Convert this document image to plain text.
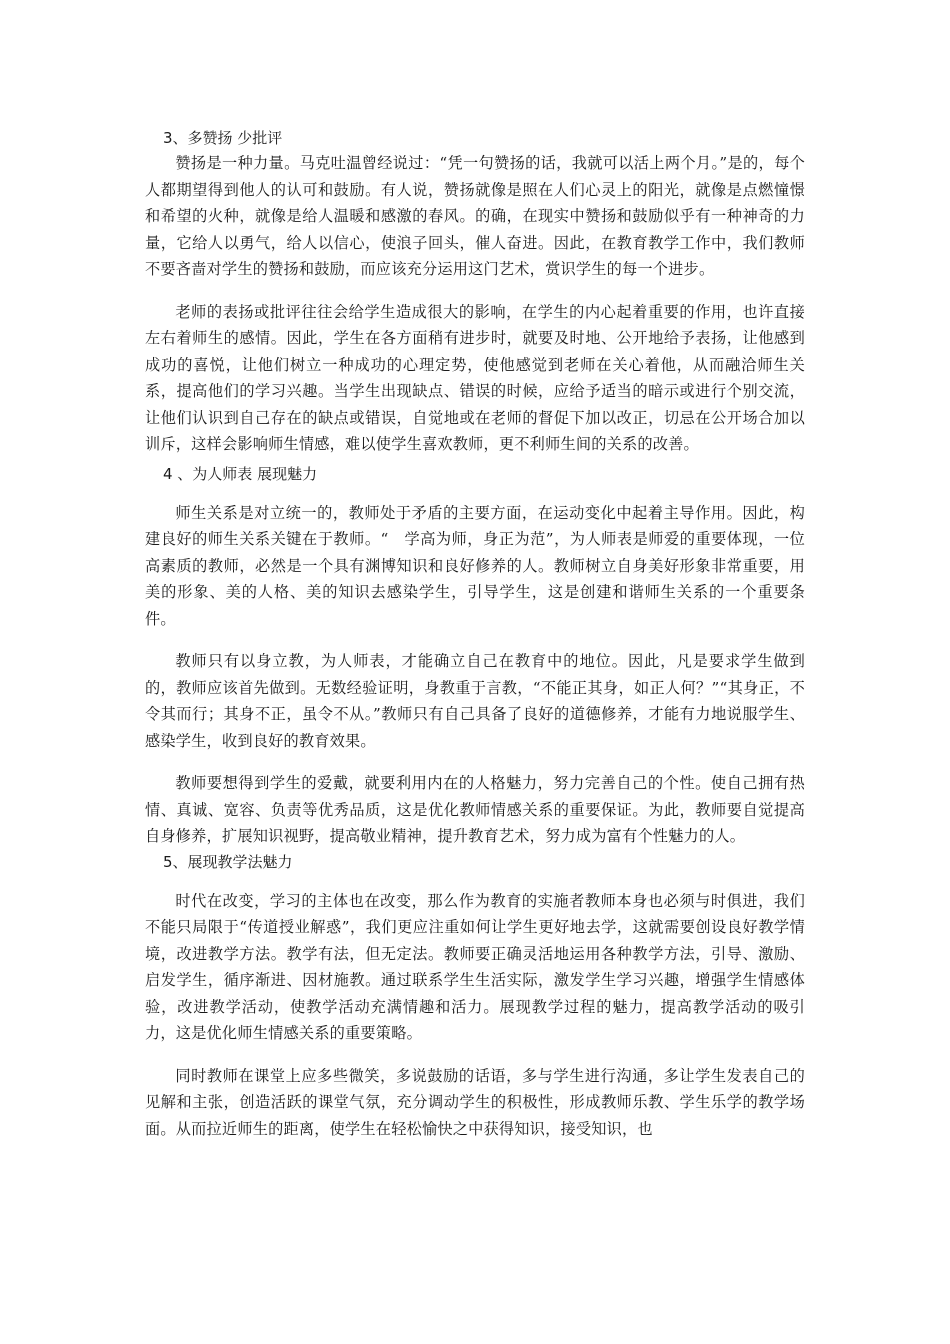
3、多赞扬 少批评

赞扬是一种力量。马克吐温曾经说过：“凭一句赞扬的话，我就可以活上两个月。”是的，每个人都期望得到他人的认可和鼓励。有人说，赞扬就像是照在人们心灵上的阳光，就像是点燃憧憬和希望的火种，就像是给人温暖和感激的春风。的确，在现实中赞扬和鼓励似乎有一种神奇的力量，它给人以勇气，给人以信心，使浪子回头，催人奋进。因此，在教育教学工作中，我们教师不要吝啬对学生的赞扬和鼓励，而应该充分运用这门艺术，赏识学生的每一个进步。

老师的表扬或批评往往会给学生造成很大的影响，在学生的内心起着重要的作用，也许直接左右着师生的感情。因此，学生在各方面稍有进步时，就要及时地、公开地给予表扬，让他感到成功的喜悦，让他们树立一种成功的心理定势，使他感觉到老师在关心着他，从而融洽师生关系，提高他们的学习兴趣。当学生出现缺点、错误的时候，应给予适当的暗示或进行个别交流，让他们认识到自己存在的缺点或错误，自觉地或在老师的督促下加以改正，切忌在公开场合加以训斥，这样会影响师生情感，难以使学生喜欢教师，更不利师生间的关系的改善。

4 、为人师表 展现魅力

师生关系是对立统一的，教师处于矛盾的主要方面，在运动变化中起着主导作用。因此，构建良好的师生关系关键在于教师。“　学高为师，身正为范”，为人师表是师爱的重要体现，一位高素质的教师，必然是一个具有渊博知识和良好修养的人。教师树立自身美好形象非常重要，用美的形象、美的人格、美的知识去感染学生，引导学生，这是创建和谐师生关系的一个重要条件。

教师只有以身立教，为人师表，才能确立自己在教育中的地位。因此，凡是要求学生做到的，教师应该首先做到。无数经验证明，身教重于言教，“不能正其身，如正人何？”“其身正，不令其而行；其身不正，虽令不从。”教师只有自己具备了良好的道德修养，才能有力地说服学生、感染学生，收到良好的教育效果。

教师要想得到学生的爱戴，就要利用内在的人格魅力，努力完善自己的个性。使自己拥有热情、真诚、宽容、负责等优秀品质，这是优化教师情感关系的重要保证。为此，教师要自觉提高自身修养，扩展知识视野，提高敬业精神，提升教育艺术，努力成为富有个性魅力的人。

5、展现教学法魅力

时代在改变，学习的主体也在改变，那么作为教育的实施者教师本身也必须与时俱进，我们不能只局限于“传道授业解惑”，我们更应注重如何让学生更好地去学，这就需要创设良好教学情境，改进教学方法。教学有法，但无定法。教师要正确灵活地运用各种教学方法，引导、激励、启发学生，循序渐进、因材施教。通过联系学生生活实际，激发学生学习兴趣，增强学生情感体验，改进教学活动，使教学活动充满情趣和活力。展现教学过程的魅力，提高教学活动的吸引力，这是优化师生情感关系的重要策略。

同时教师在课堂上应多些微笑，多说鼓励的话语，多与学生进行沟通，多让学生发表自己的见解和主张，创造活跃的课堂气氛，充分调动学生的积极性，形成教师乐教、学生乐学的教学场面。从而拉近师生的距离，使学生在轻松愉快之中获得知识，接受知识，也
